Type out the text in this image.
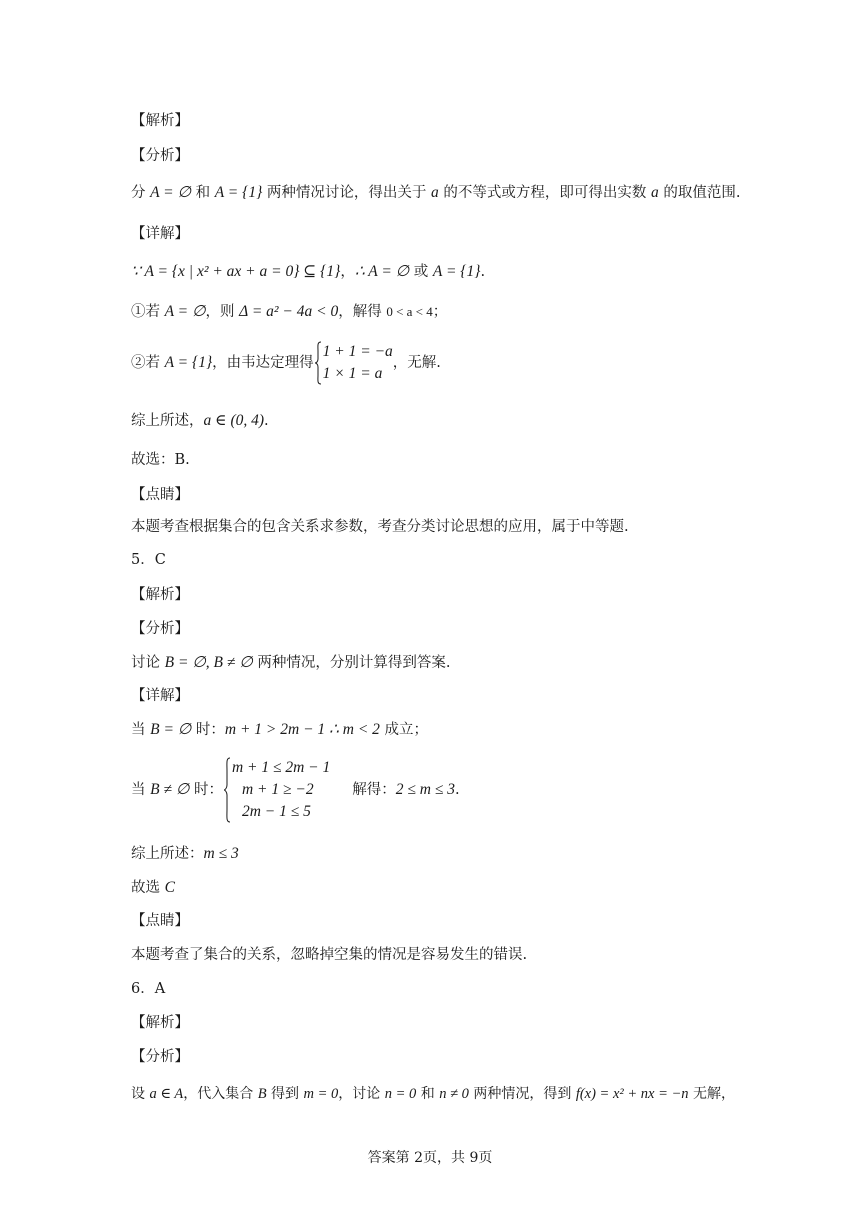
【解析】
【分析】
分 A = ∅ 和 A = {1} 两种情况讨论，得出关于 a 的不等式或方程，即可得出实数 a 的取值范围.
【详解】
∵ A = {x | x² + ax + a = 0} ⊆ {1}，∴ A = ∅ 或 A = {1}.
①若 A = ∅，则 Δ = a² − 4a < 0，解得 0 < a < 4；
②若 A = {1}，由韦达定理得
1 + 1 = −a
1 × 1 = a
，无解.
综上所述，a ∈ (0, 4).
故选：B.
【点睛】
本题考查根据集合的包含关系求参数，考查分类讨论思想的应用，属于中等题.
5．C
【解析】
【分析】
讨论 B = ∅, B ≠ ∅ 两种情况，分别计算得到答案.
【详解】
当 B = ∅ 时：m + 1 > 2m − 1 ∴ m < 2 成立；
当 B ≠ ∅ 时：
m + 1 ≤ 2m − 1
m + 1 ≥ −2
2m − 1 ≤ 5
解得：2 ≤ m ≤ 3.
综上所述：m ≤ 3
故选 C
【点睛】
本题考查了集合的关系，忽略掉空集的情况是容易发生的错误.
6．A
【解析】
【分析】
设 a ∈ A，代入集合 B 得到 m = 0，讨论 n = 0 和 n ≠ 0 两种情况，得到 f(x) = x² + nx = −n 无解，
答案第 2页，共 9页
